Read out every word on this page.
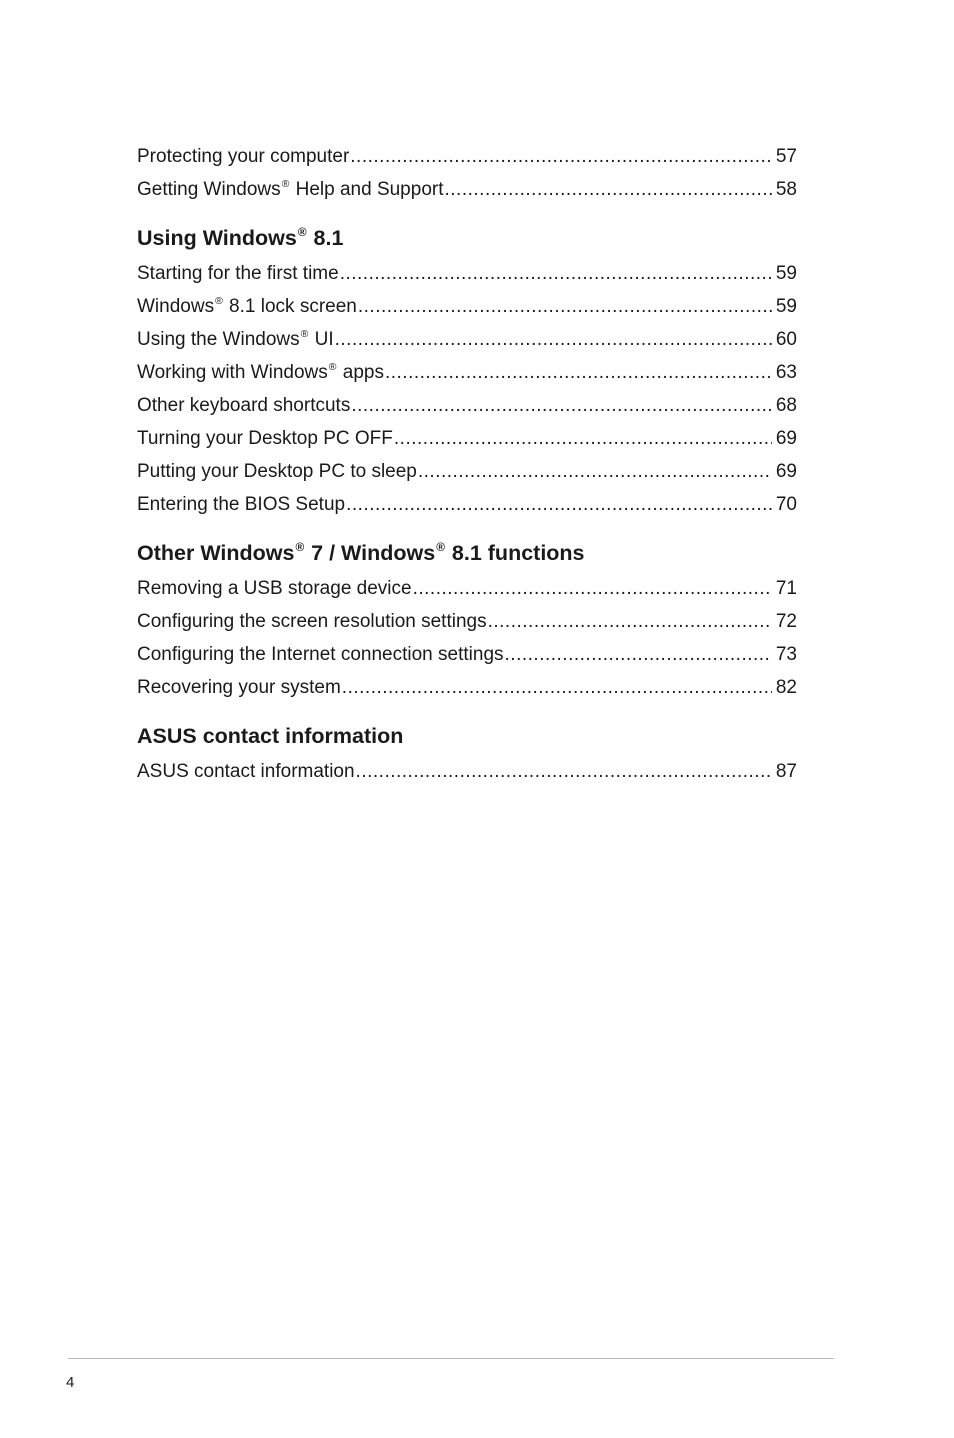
Protecting your computer .....	57
Getting Windows® Help and Support .....	58
Using Windows® 8.1
Starting for the first time .....	59
Windows® 8.1 lock screen .....	59
Using the Windows® UI .....	60
Working with Windows® apps .....	63
Other keyboard shortcuts .....	68
Turning your Desktop PC OFF .....	69
Putting your Desktop PC to sleep .....	69
Entering the BIOS Setup .....	70
Other Windows® 7 / Windows® 8.1 functions
Removing a USB storage device .....	71
Configuring the screen resolution settings .....	72
Configuring the Internet connection settings .....	73
Recovering your system .....	82
ASUS contact information
ASUS contact information .....	87
4
